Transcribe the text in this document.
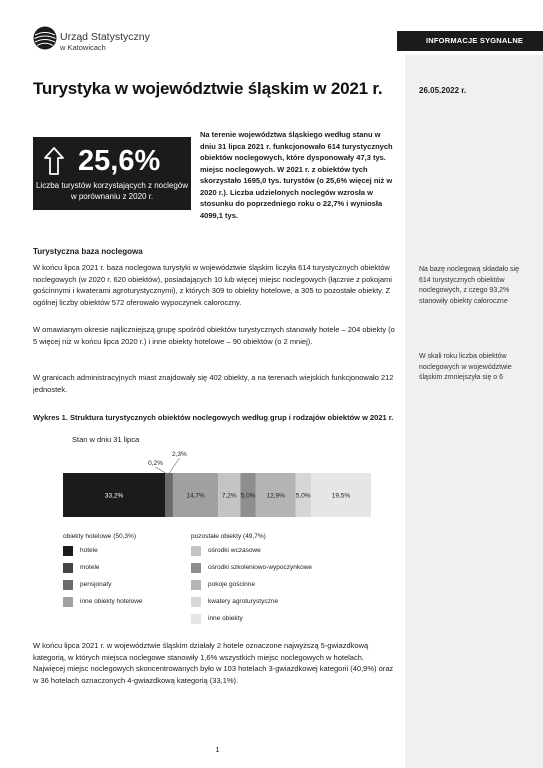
Urząd Statystyczny
w Katowicach
INFORMACJE SYGNALNE
Turystyka w województwie śląskim w 2021 r.	26.05.2022 r.
25,6%
Liczba turystów korzystających z noclegów w porównaniu z 2020 r.
Na terenie województwa śląskiego według stanu w dniu 31 lipca 2021 r. funkcjonowało 614 turystycznych obiektów noclegowych, które dysponowały 47,3 tys. miejsc noclegowych. W 2021 r. z obiektów tych skorzystało 1695,0 tys. turystów (o 25,6% więcej niż w 2020 r.). Liczba udzielonych noclegów wzrosła w stosunku do poprzedniego roku o 22,7% i wyniosła 4099,1 tys.
Turystyczna baza noclegowa

W końcu lipca 2021 r. baza noclegowa turystyki w województwie śląskim liczyła 614 turystycznych obiektów noclegowych (w 2020 r. 620 obiektów), posiadających 10 lub więcej miejsc noclegowych (łącznie z pokojami gościnnymi i kwaterami agroturystycznymi), z których 309 to obiekty hotelowe, a 305 to pozostałe obiekty. Z ogólnej liczby obiektów 572 oferowało wypoczynek całoroczny.

W omawianym okresie najliczniejszą grupę spośród obiektów turystycznych stanowiły hotele – 204 obiekty (o 5 więcej niż w końcu lipca 2020 r.) i inne obiekty hotelowe – 90 obiektów (o 2 mniej).

W granicach administracyjnych miast znajdowały się 402 obiekty, a na terenach wiejskich funkcjonowało 212 jednostek.

Na bazę noclegową składało się 614 turystycznych obiektów noclegowych, z czego 93,2% stanowiły obiekty całoroczne
W skali roku liczba obiektów noclegowych w województwie śląskim zmniejszyła się o 6
Wykres 1. Struktura turystycznych obiektów noclegowych według grup i rodzajów obiektów w 2021 r.
Stan w dniu 31 lipca
33,2%
0,2%
2,3%
14,7%	7,2% 5,0% 12,9% 5,0%	19,5%
obiekty hotelowe (50,3%)	pozostałe obiekty (49,7%)
hotele
motele
pensjonaty
inne obiekty hotelowe
ośrodki wczasowe
ośrodki szkoleniowo-wypoczynkowe
pokoje gościnne
kwatery agroturystyczne
inne obiekty

W końcu lipca 2021 r. w województwie śląskim działały 2 hotele oznaczone najwyższą 5-gwiazdkową kategorią, w których miejsca noclegowe stanowiły 1,6% wszystkich miejsc noclegowych w hotelach. Najwięcej miejsc noclegowych skoncentrowanych było w 103 hotelach 3-gwiazdkowej kategorii (40,9%) oraz w 36 hotelach oznaczonych 4-gwiazdkową kategorią (33,1%).

1
